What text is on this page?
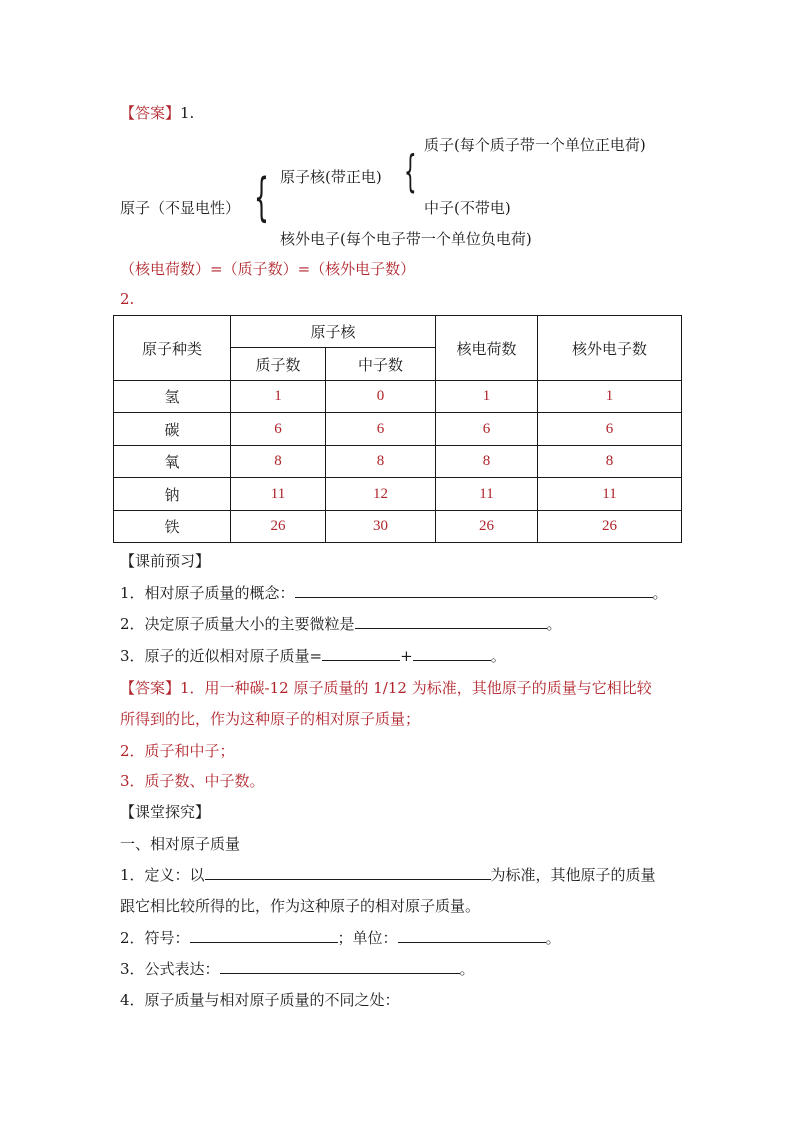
【答案】1.
质子(每个质子带一个单位正电荷)
{
原子核(带正电)
{
原子（不显电性）	中子(不带电)
核外电子(每个电子带一个单位负电荷)
（核电荷数）=（质子数）=（核外电子数）
2.
原子种类	原子核		核电荷数	核外电子数
	质子数	中子数		
氢	1	0	1	1
碳	6	6	6	6
氧	8	8	8	8
钠	11	12	11	11
铁	26	30	26	26
【课前预习】
1．相对原子质量的概念：	。
2．决定原子质量大小的主要微粒是	。
3．原子的近似相对原子质量=	+	。
【答案】1．用一种碳-12 原子质量的 1/12 为标准，其他原子的质量与它相比较
所得到的比，作为这种原子的相对原子质量；
2．质子和中子；
3．质子数、中子数。
【课堂探究】
一、相对原子质量
1．定义：以	为标准，其他原子的质量
跟它相比较所得的比，作为这种原子的相对原子质量。
2．符号：	；单位：	。
3．公式表达：	。
4．原子质量与相对原子质量的不同之处：
